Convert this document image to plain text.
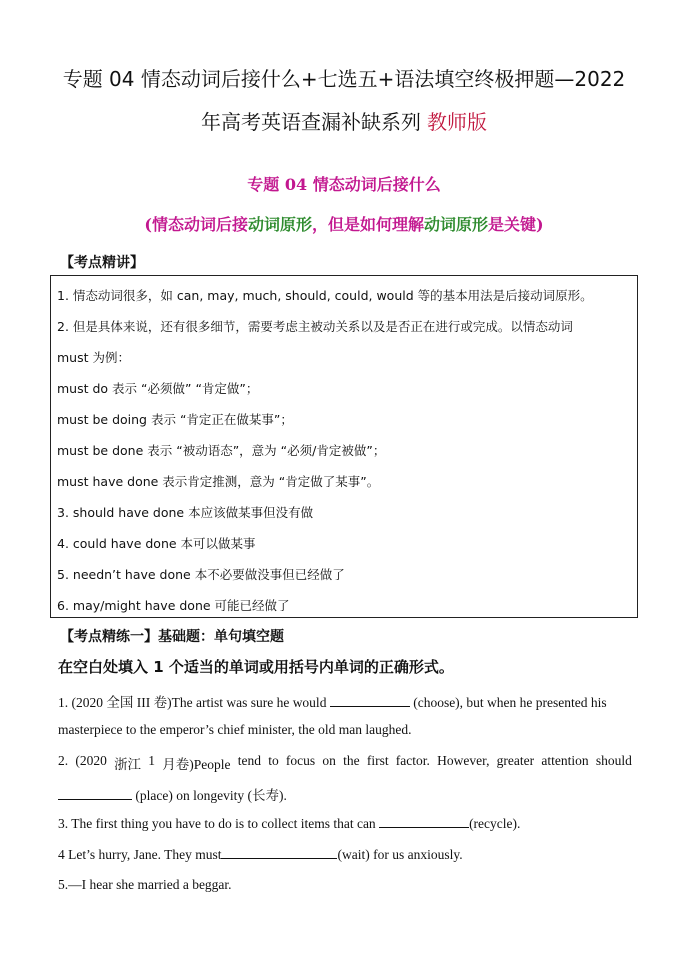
专题 04 情态动词后接什么+七选五+语法填空终极押题—2022
年高考英语查漏补缺系列 教师版
专题 04 情态动词后接什么
(情态动词后接动词原形，但是如何理解动词原形是关键)
【考点精讲】
1. 情态动词很多，如 can, may, much, should, could, would 等的基本用法是后接动词原形。
2. 但是具体来说，还有很多细节，需要考虑主被动关系以及是否正在进行或完成。以情态动词
must 为例：
must do 表示 “必须做” “肯定做”；
must be doing 表示 “肯定正在做某事”；
must be done 表示 “被动语态”，意为 “必须/肯定被做”；
must have done 表示肯定推测，意为 “肯定做了某事”。
3. should have done 本应该做某事但没有做
4. could have done 本可以做某事
5. needn’t have done 本不必要做没事但已经做了
6. may/might have done 可能已经做了
【考点精练一】基础题：单句填空题
在空白处填入 1 个适当的单词或用括号内单词的正确形式。
1. (2020 全国 III 卷)The artist was sure he would	(choose), but when he presented his
masterpiece to the emperor’s chief minister, the old man laughed.
2. (2020 浙江 1 月卷)People tend to focus on the first factor. However, greater attention should
(place) on longevity (长寿).
3. The first thing you have to do is to collect items that can	(recycle).
4 Let’s hurry, Jane. They must	(wait) for us anxiously.
5.—I hear she married a beggar.
